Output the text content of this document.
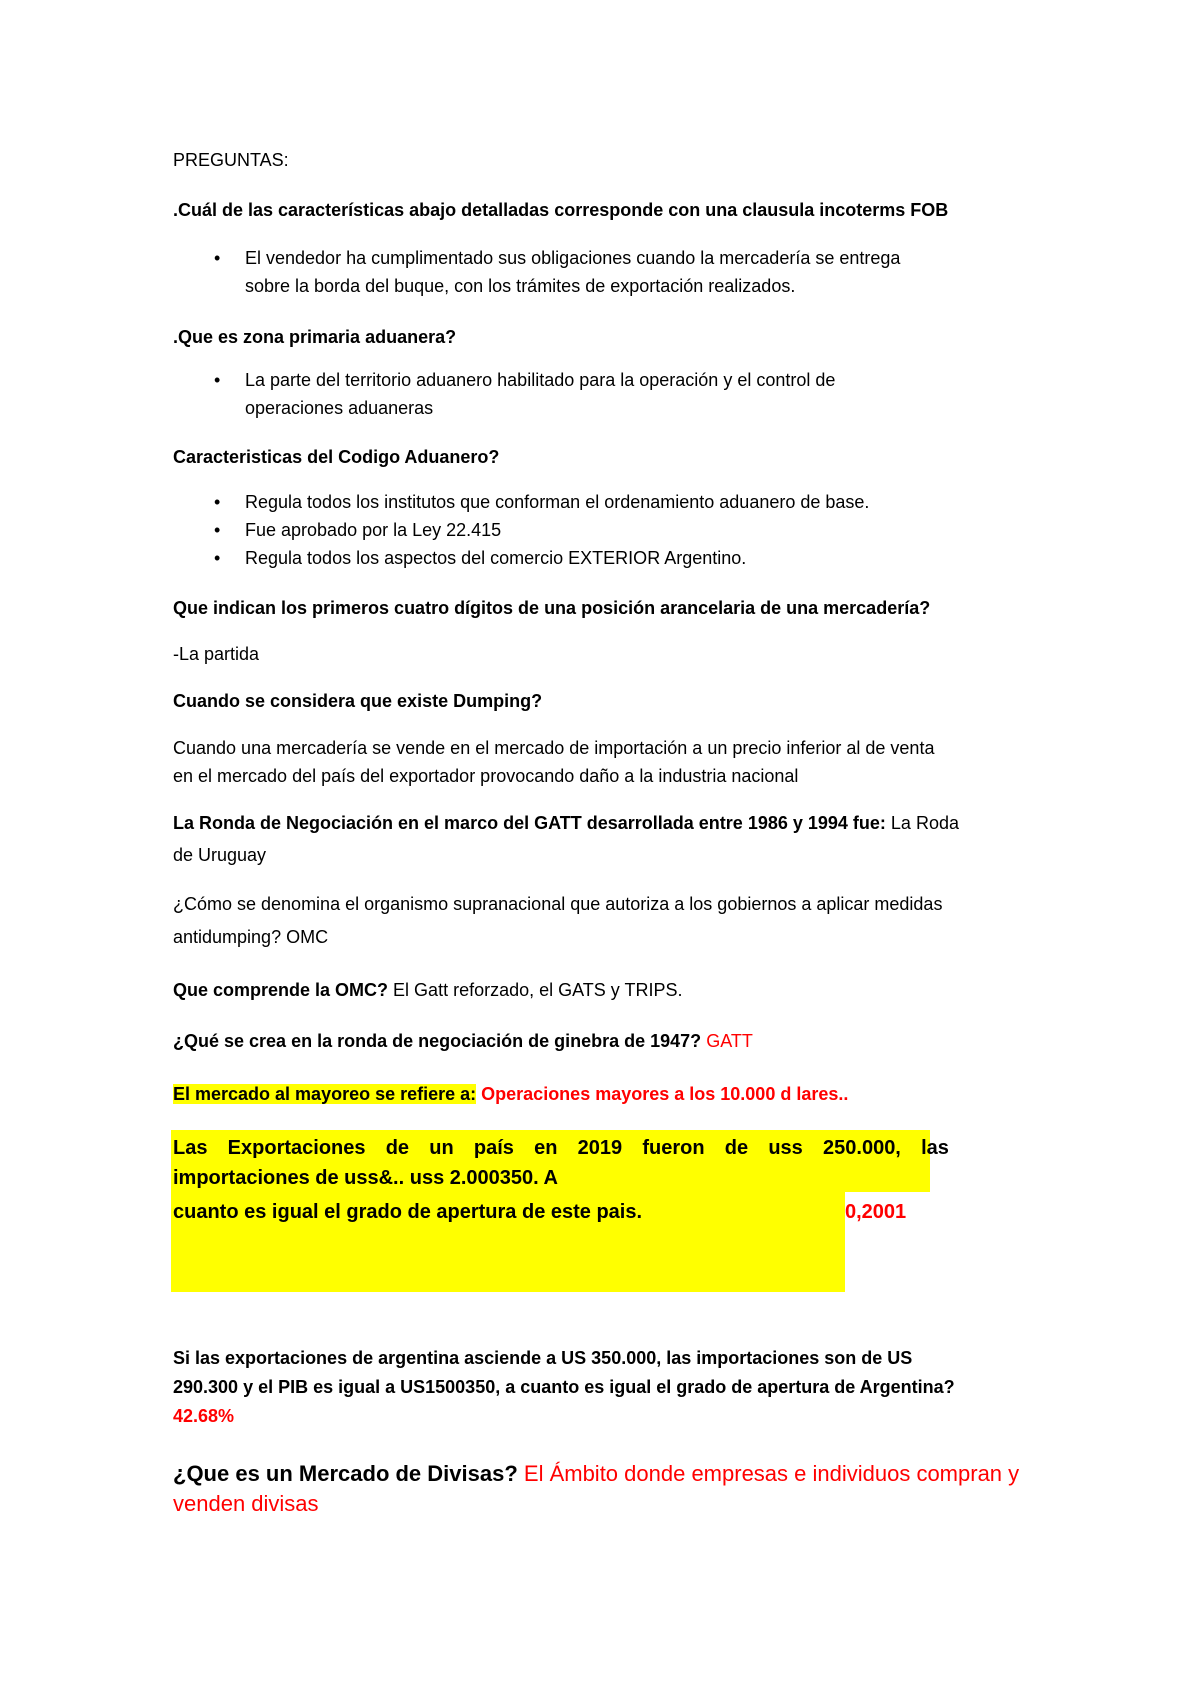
PREGUNTAS:
.Cuál de las características abajo detalladas corresponde con una clausula incoterms FOB
• El vendedor ha cumplimentado sus obligaciones cuando la mercadería se entrega
sobre la borda del buque, con los trámites de exportación realizados.
.Que es zona primaria aduanera?
• La parte del territorio aduanero habilitado para la operación y el control de
operaciones aduaneras
Caracteristicas del Codigo Aduanero?
• Regula todos los institutos que conforman el ordenamiento aduanero de base.
• Fue aprobado por la Ley 22.415
• Regula todos los aspectos del comercio EXTERIOR Argentino.
Que indican los primeros cuatro dígitos de una posición arancelaria de una mercadería?
-La partida
Cuando se considera que existe Dumping?
Cuando una mercadería se vende en el mercado de importación a un precio inferior al de venta
en el mercado del país del exportador provocando daño a la industria nacional
La Ronda de Negociación en el marco del GATT desarrollada entre 1986 y 1994 fue: La Roda
de Uruguay
¿Cómo se denomina el organismo supranacional que autoriza a los gobiernos a aplicar medidas
antidumping? OMC
Que comprende la OMC? El Gatt reforzado, el GATS y TRIPS.
¿Qué se crea en la ronda de negociación de ginebra de 1947? GATT
El mercado al mayoreo se refiere a: Operaciones mayores a los 10.000 d lares..
Las Exportaciones de un país en 2019 fueron de uss 250.000, las
importaciones de uss&.. uss 2.000350. A
cuanto es igual el grado de apertura de este pais.	0,2001
Si las exportaciones de argentina asciende a US 350.000, las importaciones son de US
290.300 y el PIB es igual a US1500350, a cuanto es igual el grado de apertura de Argentina?
42.68%
¿Que es un Mercado de Divisas? El Ámbito donde empresas e individuos compran y
venden divisas
